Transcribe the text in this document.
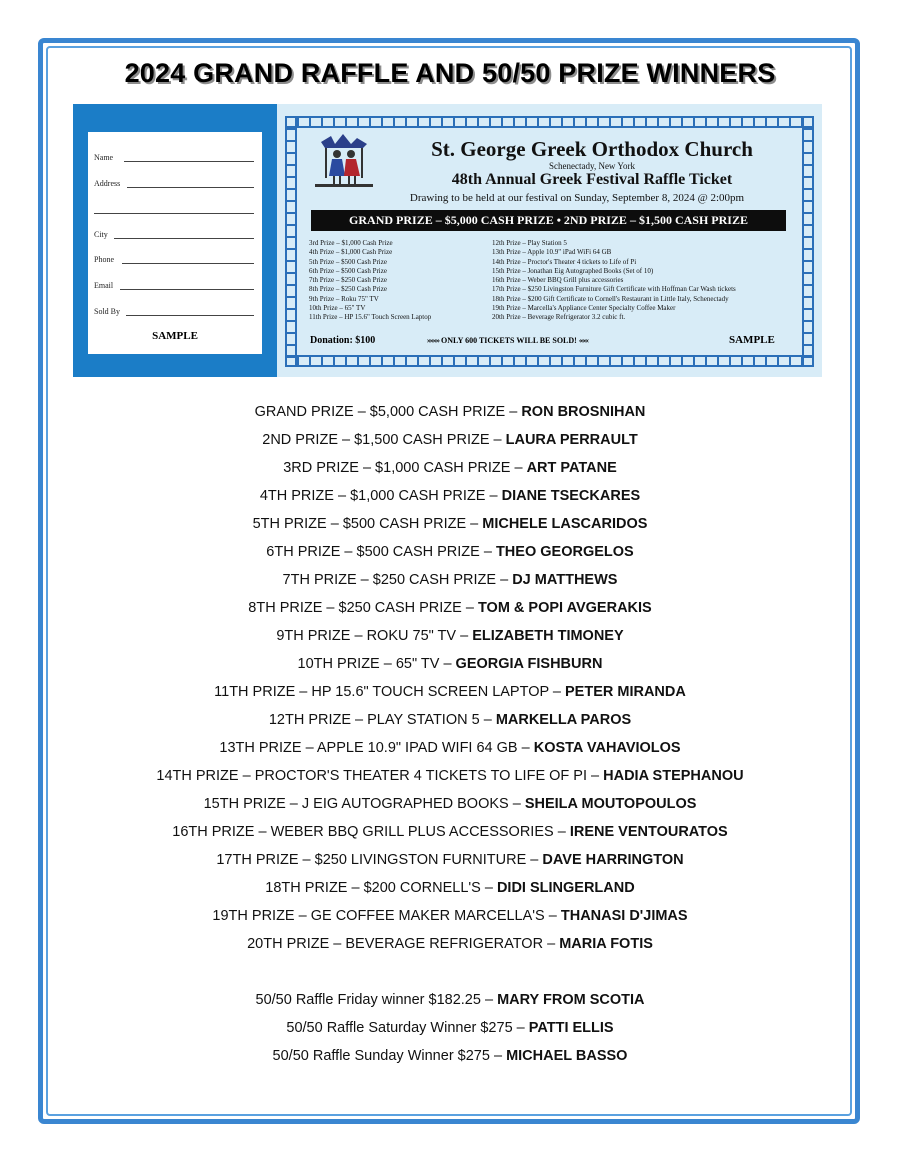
2024 GRAND RAFFLE AND 50/50 PRIZE WINNERS
Name
Address
City
Phone
Email
Sold By
SAMPLE
St. George Greek Orthodox Church
Schenectady, New York
48th Annual Greek Festival Raffle Ticket
Drawing to be held at our festival on Sunday, September 8, 2024 @ 2:00pm
GRAND PRIZE – $5,000 CASH PRIZE • 2ND PRIZE – $1,500 CASH PRIZE
3rd Prize – $1,000 Cash Prize
4th Prize – $1,000 Cash Prize
5th Prize – $500 Cash Prize
6th Prize – $500 Cash Prize
7th Prize – $250 Cash Prize
8th Prize – $250 Cash Prize
9th Prize – Roku 75" TV
10th Prize – 65" TV
11th Prize – HP 15.6" Touch Screen Laptop
12th Prize – Play Station 5
13th Prize – Apple 10.9" iPad WiFi 64 GB
14th Prize – Proctor's Theater 4 tickets to Life of Pi
15th Prize – Jonathan Eig Autographed Books (Set of 10)
16th Prize – Weber BBQ Grill plus accessories
17th Prize – $250 Livingston Furniture Gift Certificate with Hoffman Car Wash tickets
18th Prize – $200 Gift Certificate to Cornell's Restaurant in Little Italy, Schenectady
19th Prize – Marcella's Appliance Center Specialty Coffee Maker
20th Prize – Beverage Refrigerator 3.2 cubic ft.
Donation: $100	»»»» ONLY 600 TICKETS WILL BE SOLD! «««	SAMPLE
GRAND PRIZE – $5,000 CASH PRIZE – RON BROSNIHAN
2ND PRIZE – $1,500 CASH PRIZE – LAURA PERRAULT
3RD PRIZE – $1,000 CASH PRIZE – ART PATANE
4TH PRIZE – $1,000 CASH PRIZE – DIANE TSECKARES
5TH PRIZE – $500 CASH PRIZE – MICHELE LASCARIDOS
6TH PRIZE – $500 CASH PRIZE – THEO GEORGELOS
7TH PRIZE – $250 CASH PRIZE – DJ MATTHEWS
8TH PRIZE – $250 CASH PRIZE – TOM & POPI AVGERAKIS
9TH PRIZE – ROKU 75" TV – ELIZABETH TIMONEY
10TH PRIZE – 65" TV – GEORGIA FISHBURN
11TH PRIZE – HP 15.6" TOUCH SCREEN LAPTOP – PETER MIRANDA
12TH PRIZE – PLAY STATION 5 – MARKELLA PAROS
13TH PRIZE – APPLE 10.9" IPAD WIFI 64 GB – KOSTA VAHAVIOLOS
14TH PRIZE – PROCTOR'S THEATER 4 TICKETS TO LIFE OF PI – HADIA STEPHANOU
15TH PRIZE – J EIG AUTOGRAPHED BOOKS – SHEILA MOUTOPOULOS
16TH PRIZE – WEBER BBQ GRILL PLUS ACCESSORIES – IRENE VENTOURATOS
17TH PRIZE – $250 LIVINGSTON FURNITURE – DAVE HARRINGTON
18TH PRIZE – $200 CORNELL'S – DIDI SLINGERLAND
19TH PRIZE – GE COFFEE MAKER MARCELLA'S – THANASI D'JIMAS
20TH PRIZE – BEVERAGE REFRIGERATOR – MARIA FOTIS
50/50 Raffle Friday winner $182.25 – MARY FROM SCOTIA
50/50 Raffle Saturday Winner $275 – PATTI ELLIS
50/50 Raffle Sunday Winner $275 – MICHAEL BASSO
